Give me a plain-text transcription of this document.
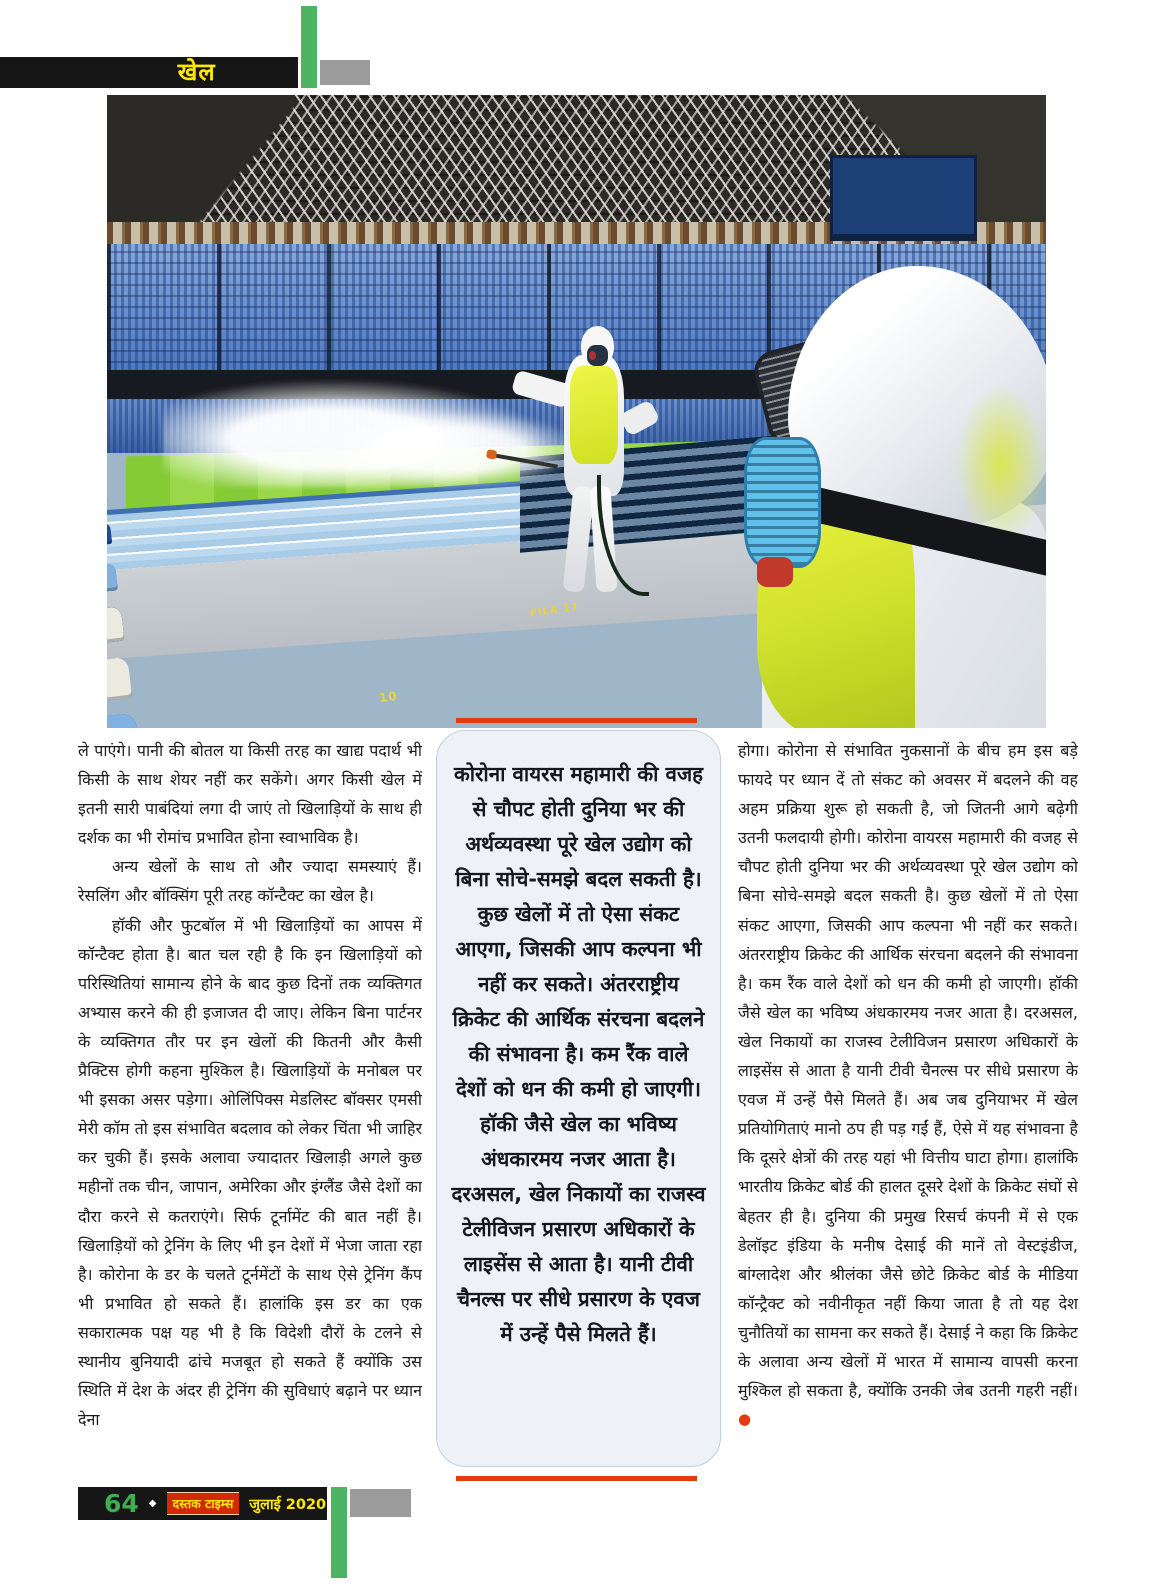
खेल
FILA 17
10

कोरोना वायरस महामारी की वजह से चौपट होती दुनिया भर की अर्थव्यवस्था पूरे खेल उद्योग को बिना सोचे-समझे बदल सकती है। कुछ खेलों में तो ऐसा संकट आएगा, जिसकी आप कल्पना भी नहीं कर सकते। अंतरराष्ट्रीय क्रिकेट की आर्थिक संरचना बदलने की संभावना है। कम रैंक वाले देशों को धन की कमी हो जाएगी। हॉकी जैसे खेल का भविष्य अंधकारमय नजर आता है। दरअसल, खेल निकायों का राजस्व टेलीविजन प्रसारण अधिकारों के लाइसेंस से आता है। यानी टीवी चैनल्स पर सीधे प्रसारण के एवज में उन्हें पैसे मिलते हैं।

ले पाएंगे। पानी की बोतल या किसी तरह का खाद्य पदार्थ भी किसी के साथ शेयर नहीं कर सकेंगे। अगर किसी खेल में इतनी सारी पाबंदियां लगा दी जाएं तो खिलाड़ियों के साथ ही दर्शक का भी रोमांच प्रभावित होना स्वाभाविक है।

अन्य खेलों के साथ तो और ज्यादा समस्याएं हैं। रेसलिंग और बॉक्सिंग पूरी तरह कॉन्टैक्ट का खेल है।

हॉकी और फुटबॉल में भी खिलाड़ियों का आपस में कॉन्टैक्ट होता है। बात चल रही है कि इन खिलाड़ियों को परिस्थितियां सामान्य होने के बाद कुछ दिनों तक व्यक्तिगत अभ्यास करने की ही इजाजत दी जाए। लेकिन बिना पार्टनर के व्यक्तिगत तौर पर इन खेलों की कितनी और कैसी प्रैक्टिस होगी कहना मुश्किल है। खिलाड़ियों के मनोबल पर भी इसका असर पड़ेगा। ओलिंपिक्स मेडलिस्ट बॉक्सर एमसी मेरी कॉम तो इस संभावित बदलाव को लेकर चिंता भी जाहिर कर चुकी हैं। इसके अलावा ज्यादातर खिलाड़ी अगले कुछ महीनों तक चीन, जापान, अमेरिका और इंग्लैंड जैसे देशों का दौरा करने से कतराएंगे। सिर्फ टूर्नामेंट की बात नहीं है। खिलाड़ियों को ट्रेनिंग के लिए भी इन देशों में भेजा जाता रहा है। कोरोना के डर के चलते टूर्नमेंटों के साथ ऐसे ट्रेनिंग कैंप भी प्रभावित हो सकते हैं। हालांकि इस डर का एक सकारात्मक पक्ष यह भी है कि विदेशी दौरों के टलने से स्थानीय बुनियादी ढांचे मजबूत हो सकते हैं क्योंकि उस स्थिति में देश के अंदर ही ट्रेनिंग की सुविधाएं बढ़ाने पर ध्यान देना

होगा। कोरोना से संभावित नुकसानों के बीच हम इस बड़े फायदे पर ध्यान दें तो संकट को अवसर में बदलने की वह अहम प्रक्रिया शुरू हो सकती है, जो जितनी आगे बढ़ेगी उतनी फलदायी होगी। कोरोना वायरस महामारी की वजह से चौपट होती दुनिया भर की अर्थव्यवस्था पूरे खेल उद्योग को बिना सोचे-समझे बदल सकती है। कुछ खेलों में तो ऐसा संकट आएगा, जिसकी आप कल्पना भी नहीं कर सकते। अंतरराष्ट्रीय क्रिकेट की आर्थिक संरचना बदलने की संभावना है। कम रैंक वाले देशों को धन की कमी हो जाएगी। हॉकी जैसे खेल का भविष्य अंधकारमय नजर आता है। दरअसल, खेल निकायों का राजस्व टेलीविजन प्रसारण अधिकारों के लाइसेंस से आता है यानी टीवी चैनल्स पर सीधे प्रसारण के एवज में उन्हें पैसे मिलते हैं। अब जब दुनियाभर में खेल प्रतियोगिताएं मानो ठप ही पड़ गईं हैं, ऐसे में यह संभावना है कि दूसरे क्षेत्रों की तरह यहां भी वित्तीय घाटा होगा। हालांकि भारतीय क्रिकेट बोर्ड की हालत दूसरे देशों के क्रिकेट संघों से बेहतर ही है। दुनिया की प्रमुख रिसर्च कंपनी में से एक डेलॉइट इंडिया के मनीष देसाई की मानें तो वेस्टइंडीज, बांग्लादेश और श्रीलंका जैसे छोटे क्रिकेट बोर्ड के मीडिया कॉन्ट्रैक्ट को नवीनीकृत नहीं किया जाता है तो यह देश चुनौतियों का सामना कर सकते हैं। देसाई ने कहा कि क्रिकेट के अलावा अन्य खेलों में भारत में सामान्य वापसी करना मुश्किल हो सकता है, क्योंकि उनकी जेब उतनी गहरी नहीं। ●

64 ◆	दस्तक टाइम्स	जुलाई 2020
